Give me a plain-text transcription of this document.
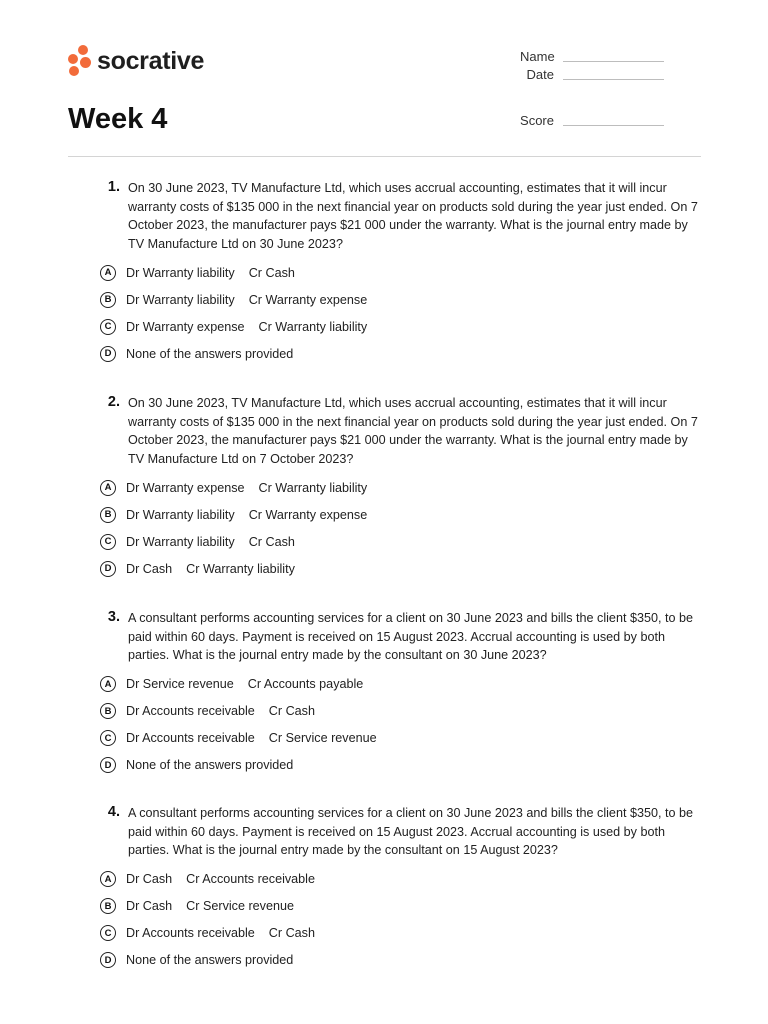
socrative
Week 4
Name
Date
Score
1. On 30 June 2023, TV Manufacture Ltd, which uses accrual accounting, estimates that it will incur warranty costs of $135 000 in the next financial year on products sold during the year just ended. On 7 October 2023, the manufacturer pays $21 000 under the warranty. What is the journal entry made by TV Manufacture Ltd on 30 June 2023?
A	Dr Warranty liability    Cr Cash
B	Dr Warranty liability    Cr Warranty expense
C	Dr Warranty expense    Cr Warranty liability
D	None of the answers provided
2. On 30 June 2023, TV Manufacture Ltd, which uses accrual accounting, estimates that it will incur warranty costs of $135 000 in the next financial year on products sold during the year just ended. On 7 October 2023, the manufacturer pays $21 000 under the warranty. What is the journal entry made by TV Manufacture Ltd on 7 October 2023?
A	Dr Warranty expense    Cr Warranty liability
B	Dr Warranty liability    Cr Warranty expense
C	Dr Warranty liability    Cr Cash
D	Dr Cash    Cr Warranty liability
3. A consultant performs accounting services for a client on 30 June 2023 and bills the client $350, to be paid within 60 days. Payment is received on 15 August 2023. Accrual accounting is used by both parties. What is the journal entry made by the consultant on 30 June 2023?
A	Dr Service revenue    Cr Accounts payable
B	Dr Accounts receivable    Cr Cash
C	Dr Accounts receivable    Cr Service revenue
D	None of the answers provided
4. A consultant performs accounting services for a client on 30 June 2023 and bills the client $350, to be paid within 60 days. Payment is received on 15 August 2023. Accrual accounting is used by both parties. What is the journal entry made by the consultant on 15 August 2023?
A	Dr Cash    Cr Accounts receivable
B	Dr Cash    Cr Service revenue
C	Dr Accounts receivable    Cr Cash
D	None of the answers provided
